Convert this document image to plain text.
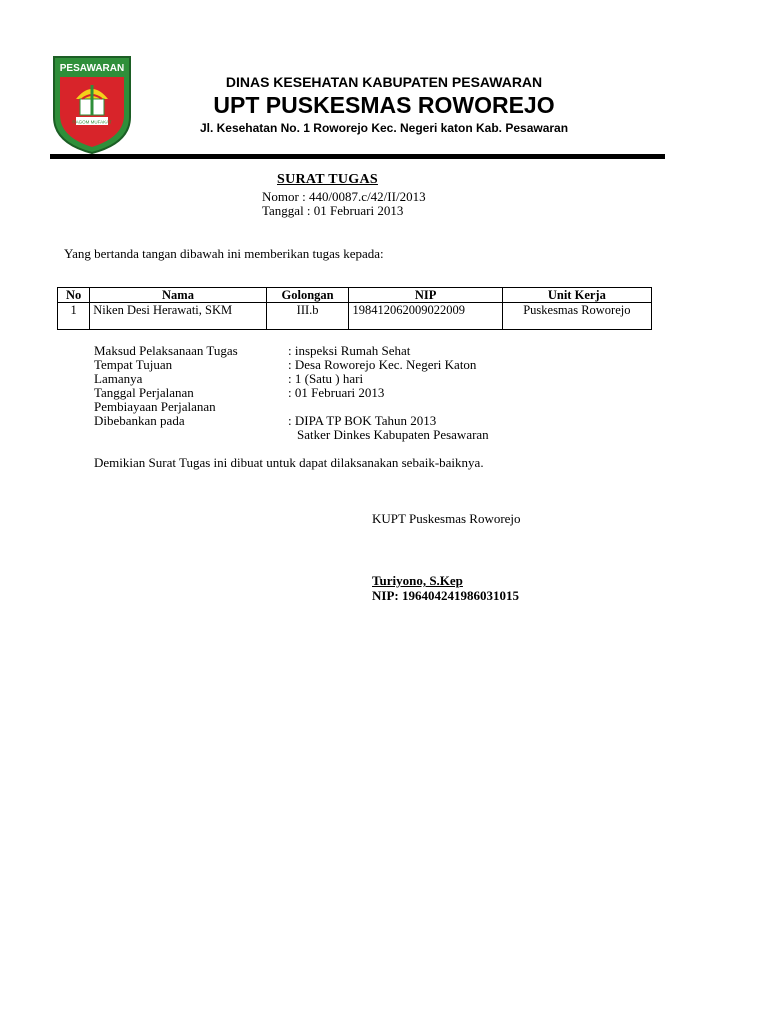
PESAWARAN
RAGOM MUFAKAT
DINAS KESEHATAN KABUPATEN PESAWARAN
UPT PUSKESMAS ROWOREJO
Jl. Kesehatan No. 1 Roworejo Kec. Negeri katon Kab. Pesawaran
SURAT TUGAS
Nomor : 440/0087.c/42/II/2013
Tanggal : 01 Februari 2013
Yang bertanda tangan dibawah ini memberikan tugas kepada:
No	Nama	Golongan	NIP	Unit Kerja
1	Niken Desi Herawati, SKM	III.b	198412062009022009	Puskesmas Roworejo
Maksud Pelaksanaan Tugas	: inspeksi Rumah Sehat
Tempat Tujuan	: Desa Roworejo Kec. Negeri Katon
Lamanya	: 1 (Satu ) hari
Tanggal Perjalanan	: 01 Februari 2013
Pembiayaan Perjalanan
Dibebankan pada	: DIPA TP BOK Tahun 2013
Satker Dinkes Kabupaten Pesawaran
Demikian Surat Tugas ini dibuat untuk dapat dilaksanakan sebaik-baiknya.
KUPT Puskesmas Roworejo
Turiyono, S.Kep
NIP: 196404241986031015
